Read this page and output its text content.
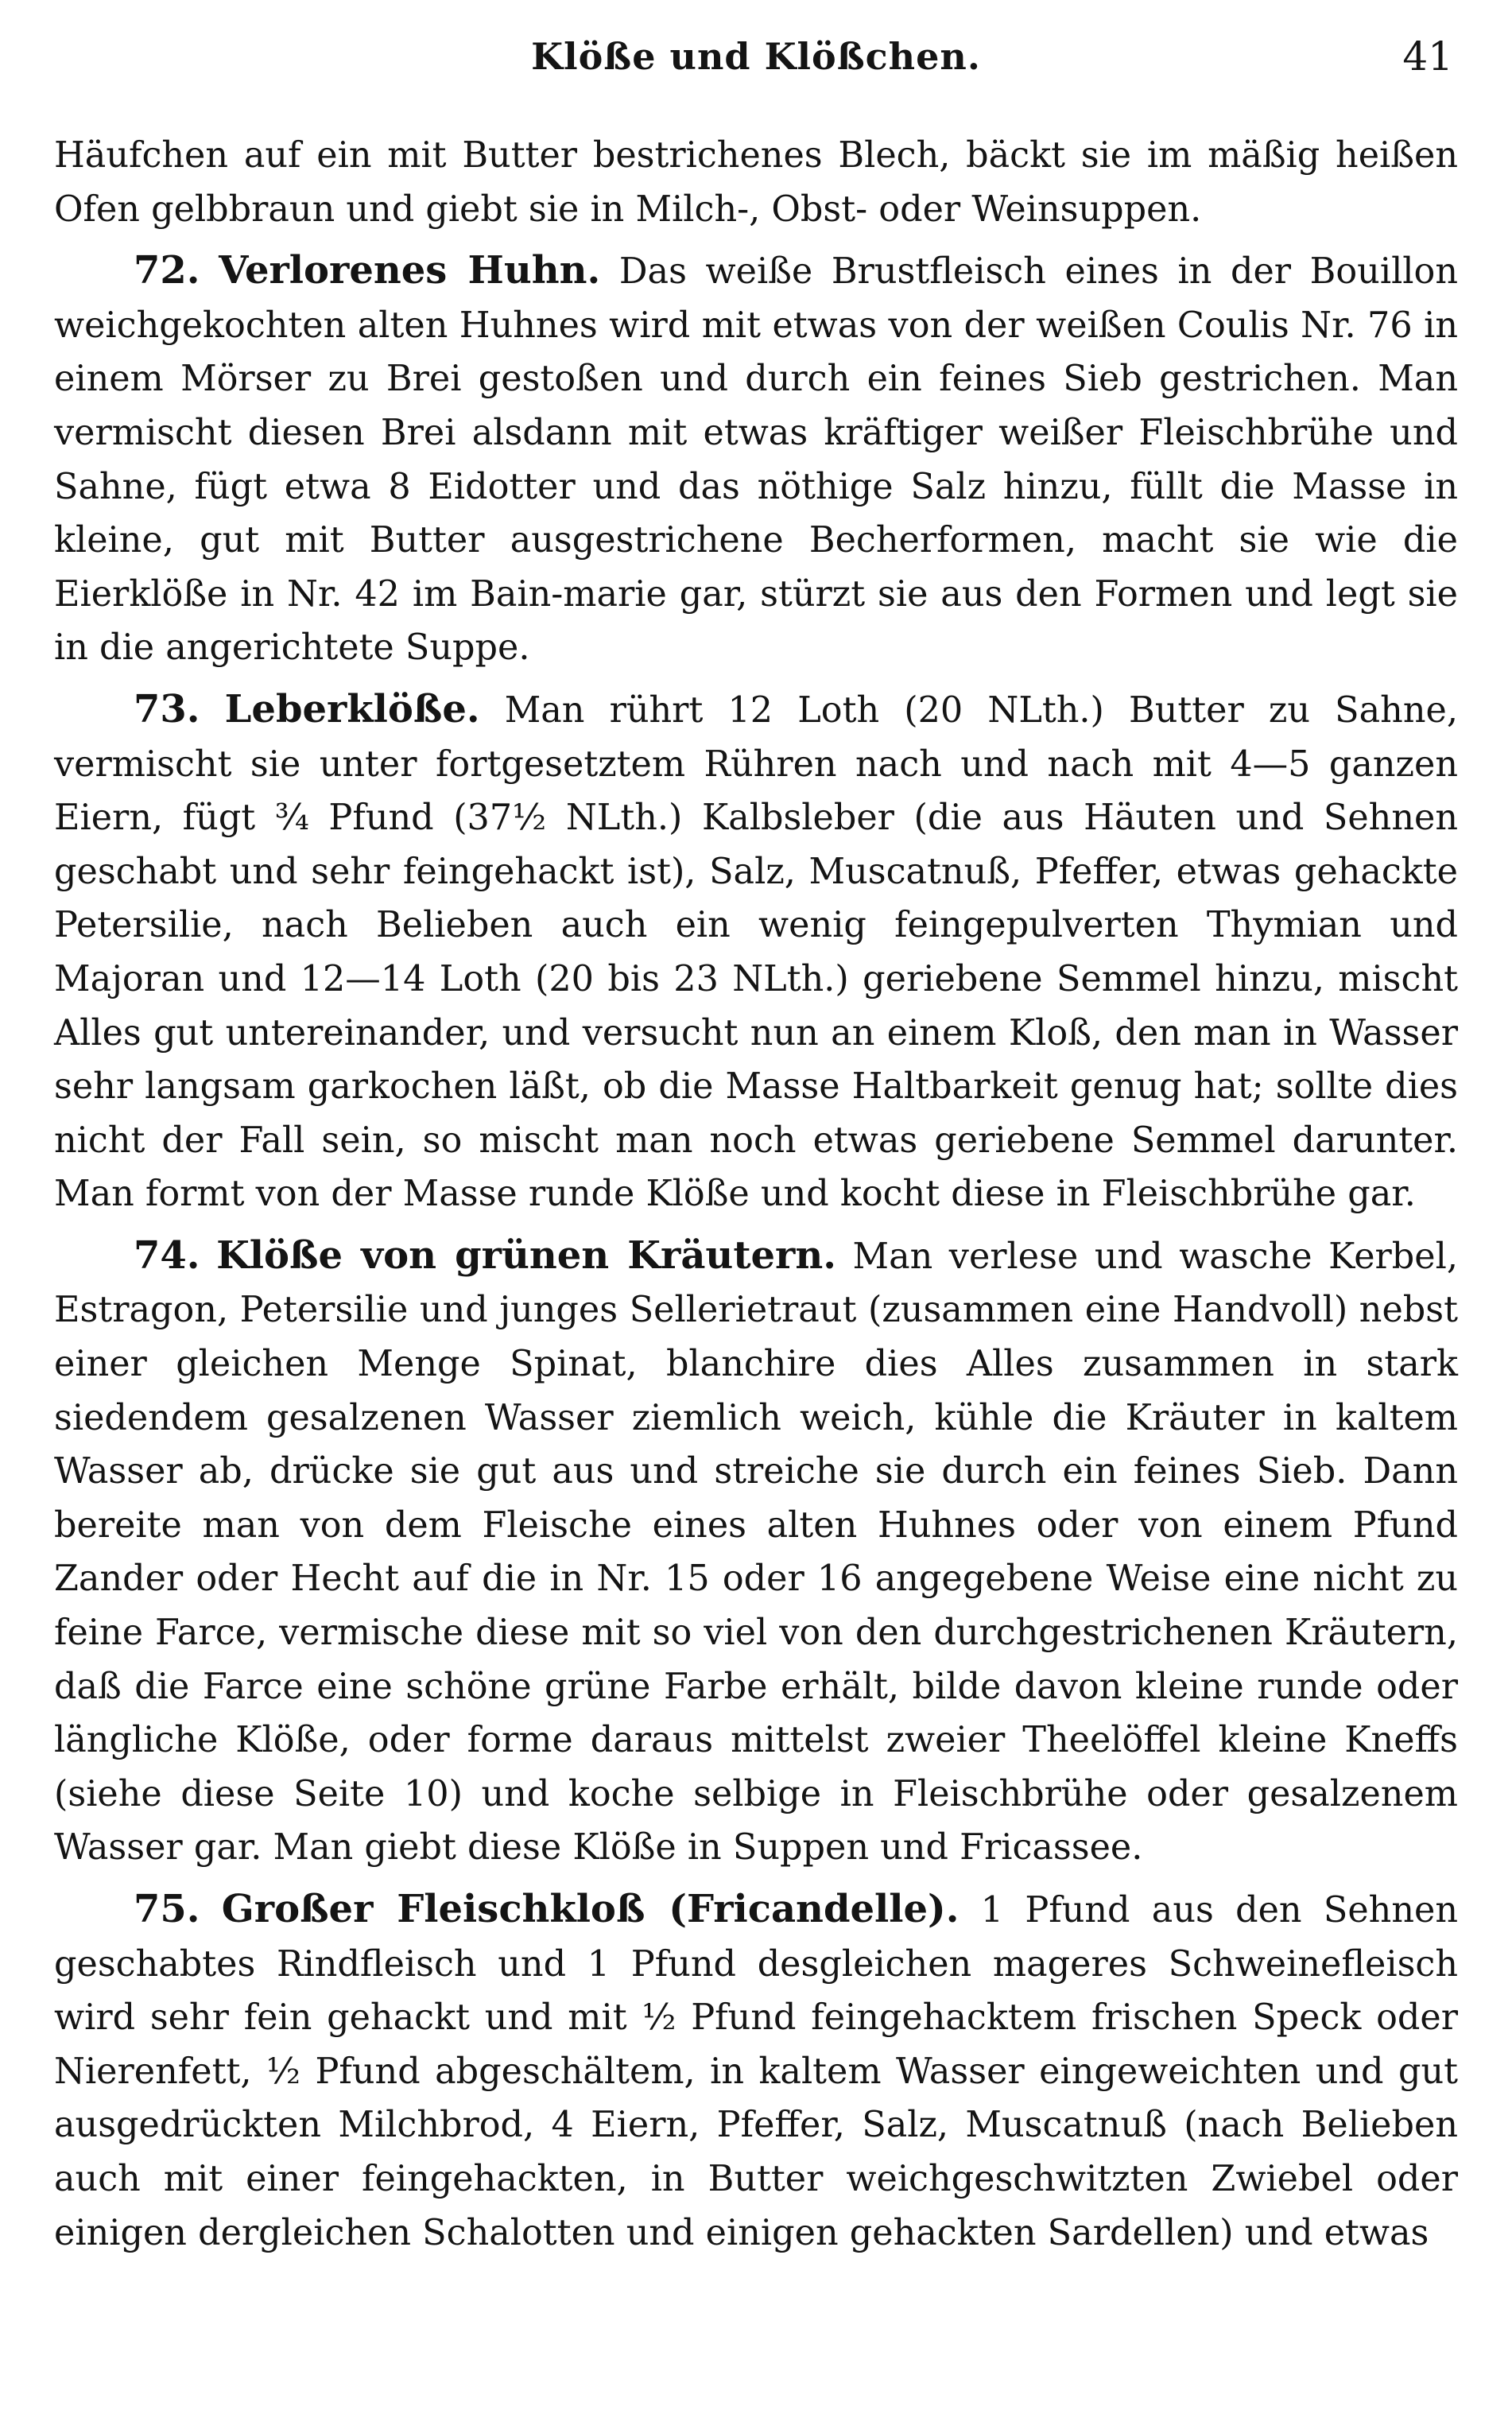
Klöße und Klößchen.	41

Häufchen auf ein mit Butter bestrichenes Blech, bäckt sie im mäßig heißen Ofen gelbbraun und giebt sie in Milch-, Obst- oder Weinsuppen.

72. Verlorenes Huhn. Das weiße Brustfleisch eines in der Bouillon weichgekochten alten Huhnes wird mit etwas von der weißen Coulis Nr. 76 in einem Mörser zu Brei gestoßen und durch ein feines Sieb gestrichen. Man vermischt diesen Brei alsdann mit etwas kräftiger weißer Fleischbrühe und Sahne, fügt etwa 8 Eidotter und das nöthige Salz hinzu, füllt die Masse in kleine, gut mit Butter ausgestrichene Becherformen, macht sie wie die Eierklöße in Nr. 42 im Bain-marie gar, stürzt sie aus den Formen und legt sie in die angerichtete Suppe.

73. Leberklöße. Man rührt 12 Loth (20 NLth.) Butter zu Sahne, vermischt sie unter fortgesetztem Rühren nach und nach mit 4—5 ganzen Eiern, fügt ¾ Pfund (37½ NLth.) Kalbsleber (die aus Häuten und Sehnen geschabt und sehr feingehackt ist), Salz, Muscatnuß, Pfeffer, etwas gehackte Petersilie, nach Belieben auch ein wenig feingepulverten Thymian und Majoran und 12—14 Loth (20 bis 23 NLth.) geriebene Semmel hinzu, mischt Alles gut untereinander, und versucht nun an einem Kloß, den man in Wasser sehr langsam garkochen läßt, ob die Masse Haltbarkeit genug hat; sollte dies nicht der Fall sein, so mischt man noch etwas geriebene Semmel darunter. Man formt von der Masse runde Klöße und kocht diese in Fleischbrühe gar.

74. Klöße von grünen Kräutern. Man verlese und wasche Kerbel, Estragon, Petersilie und junges Sellerietraut (zusammen eine Handvoll) nebst einer gleichen Menge Spinat, blanchire dies Alles zusammen in stark siedendem gesalzenen Wasser ziemlich weich, kühle die Kräuter in kaltem Wasser ab, drücke sie gut aus und streiche sie durch ein feines Sieb. Dann bereite man von dem Fleische eines alten Huhnes oder von einem Pfund Zander oder Hecht auf die in Nr. 15 oder 16 angegebene Weise eine nicht zu feine Farce, vermische diese mit so viel von den durchgestrichenen Kräutern, daß die Farce eine schöne grüne Farbe erhält, bilde davon kleine runde oder längliche Klöße, oder forme daraus mittelst zweier Theelöffel kleine Kneffs (siehe diese Seite 10) und koche selbige in Fleischbrühe oder gesalzenem Wasser gar. Man giebt diese Klöße in Suppen und Fricassee.

75. Großer Fleischkloß (Fricandelle). 1 Pfund aus den Sehnen geschabtes Rindfleisch und 1 Pfund desgleichen mageres Schweinefleisch wird sehr fein gehackt und mit ½ Pfund feingehacktem frischen Speck oder Nierenfett, ½ Pfund abgeschältem, in kaltem Wasser eingeweichten und gut ausgedrückten Milchbrod, 4 Eiern, Pfeffer, Salz, Muscatnuß (nach Belieben auch mit einer feingehackten, in Butter weichgeschwitzten Zwiebel oder einigen dergleichen Schalotten und einigen gehackten Sardellen) und etwas
